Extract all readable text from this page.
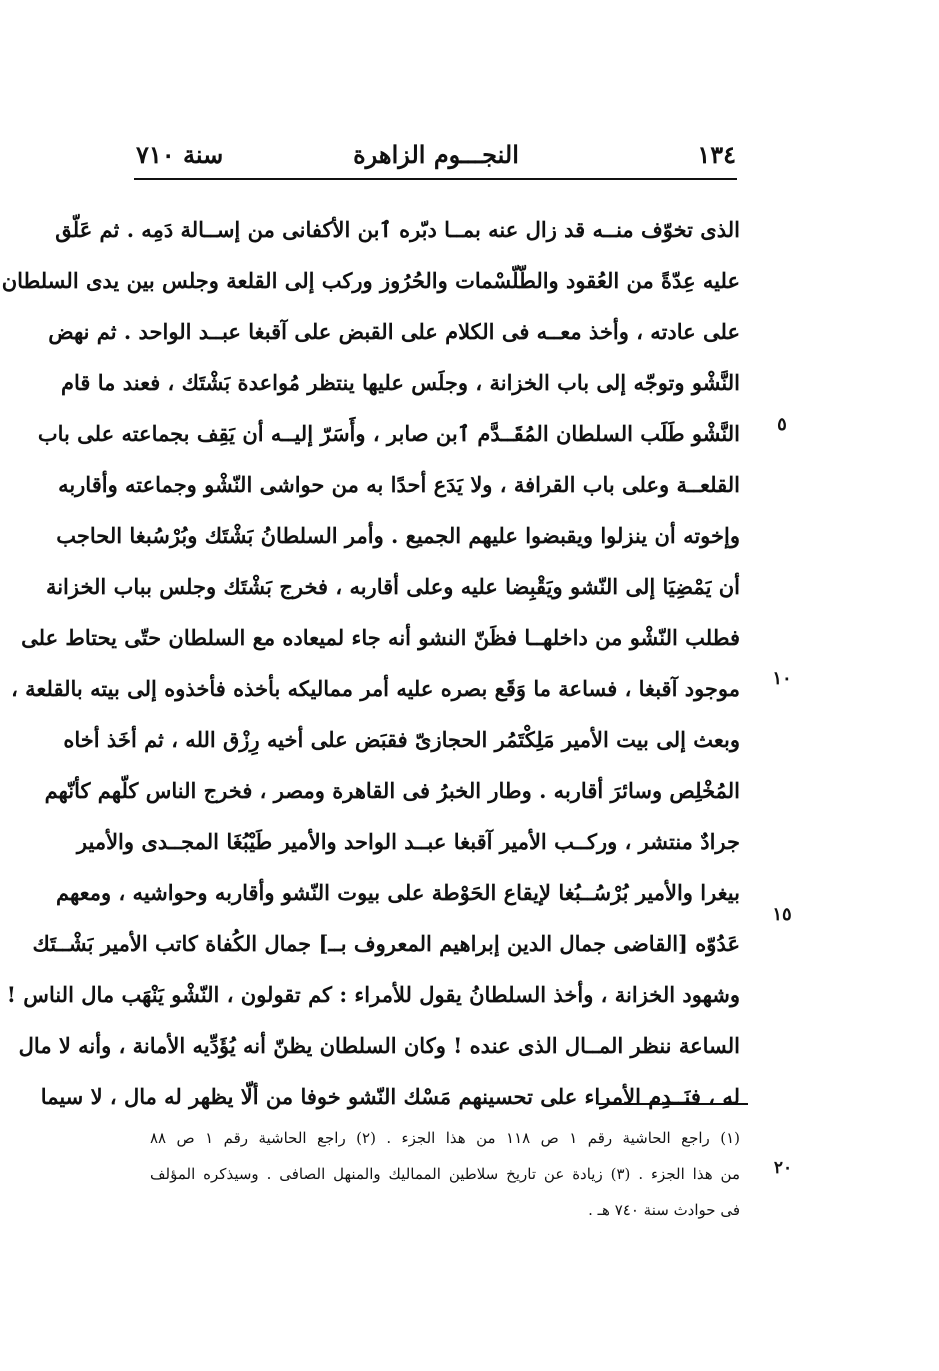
١٣٤
النجـــوم الزاهرة
سنة ٧١٠
الذى تخوّف منــه قد زال عنه بمــا دبّره ٱبن الأكفانى من إســالة دَمِه . ثم عَلّق
عليه عِدّةً من العُقود والطّلّسْمات والحُرُوز وركب إلى القلعة وجلس بين يدى السلطان
على عادته ، وأخذ معــه فى الكلام على القبض على آقبغا عبــد الواحد . ثم نهض
النَّشْو وتوجّه إلى باب الخزانة ، وجلَس عليها ينتظر مُواعدة بَشْتَك ، فعند ما قام
النَّشْو طَلَب السلطان المُقَــدَّم ٱبن صابر ، وأَسَرّ إليــه أن يَقِف بجماعته على باب
القلعــة وعلى باب القرافة ، ولا يَدَع أحدًا به من حواشى النّشْو وجماعته وأقاربه
وإخوته أن ينزلوا ويقبضوا عليهم الجميع . وأمر السلطانُ بَشْتَك وبُرْسُبغا الحاجب
أن يَمْضِيَا إلى النّشو ويَقْبِضا عليه وعلى أقاربه ، فخرج بَشْتَك وجلس بباب الخزانة
فطلب النّشْو من داخلهــا فظَنّ النشو أنه جاء لميعاده مع السلطان حتّى يحتاط على
موجود آقبغا ، فساعة ما وَقَع بصره عليه أمر مماليكه بأخذه فأخذوه إلى بيته بالقلعة ،
وبعث إلى بيت الأمير مَلِكْتَمُر الحجازىّ فقبَض على أخيه رِزْق الله ، ثم أخَذ أخاه
المُخْلِص وسائرَ أقاربه . وطار الخبرُ فى القاهرة ومصر ، فخرج الناس كلّهم كأنّهم
جرادٌ منتشر ، وركــب الأمير آقبغا عبــد الواحد والأمير طَيْبُغَا المجــدى والأمير
بيغرا والأمير بُرْسُــبُغا لإيقاع الحَوْطة على بيوت النّشو وأقاربه وحواشيه ، ومعهم
عَدُوّه [القاضى جمال الدين إبراهيم المعروف بــ] جمال الكُفاة كاتب الأمير بَشْــتَك
وشهود الخزانة ، وأخذ السلطانُ يقول للأمراء : كم تقولون ، النّشْو يَنْهَب مال الناس !
الساعة ننظر المــال الذى عنده ! وكان السلطان يظنّ أنه يُؤَدِّيه الأمانة ، وأنه لا مال
له ، فنَــدِم الأمراء على تحسينهم مَسْك النّشو خوفا من ألّا يظهر له مال ، لا سيما
٥
١٠
١٥
(١) راجع الحاشية رقم ١ ص ١١٨ من هذا الجزء . (٢) راجع الحاشية رقم ١ ص ٨٨
من هذا الجزء . (٣) زيادة عن تاريخ سلاطين المماليك والمنهل الصافى . وسيذكره المؤلف
فى حوادث سنة ٧٤٠ هـ .
٢٠
